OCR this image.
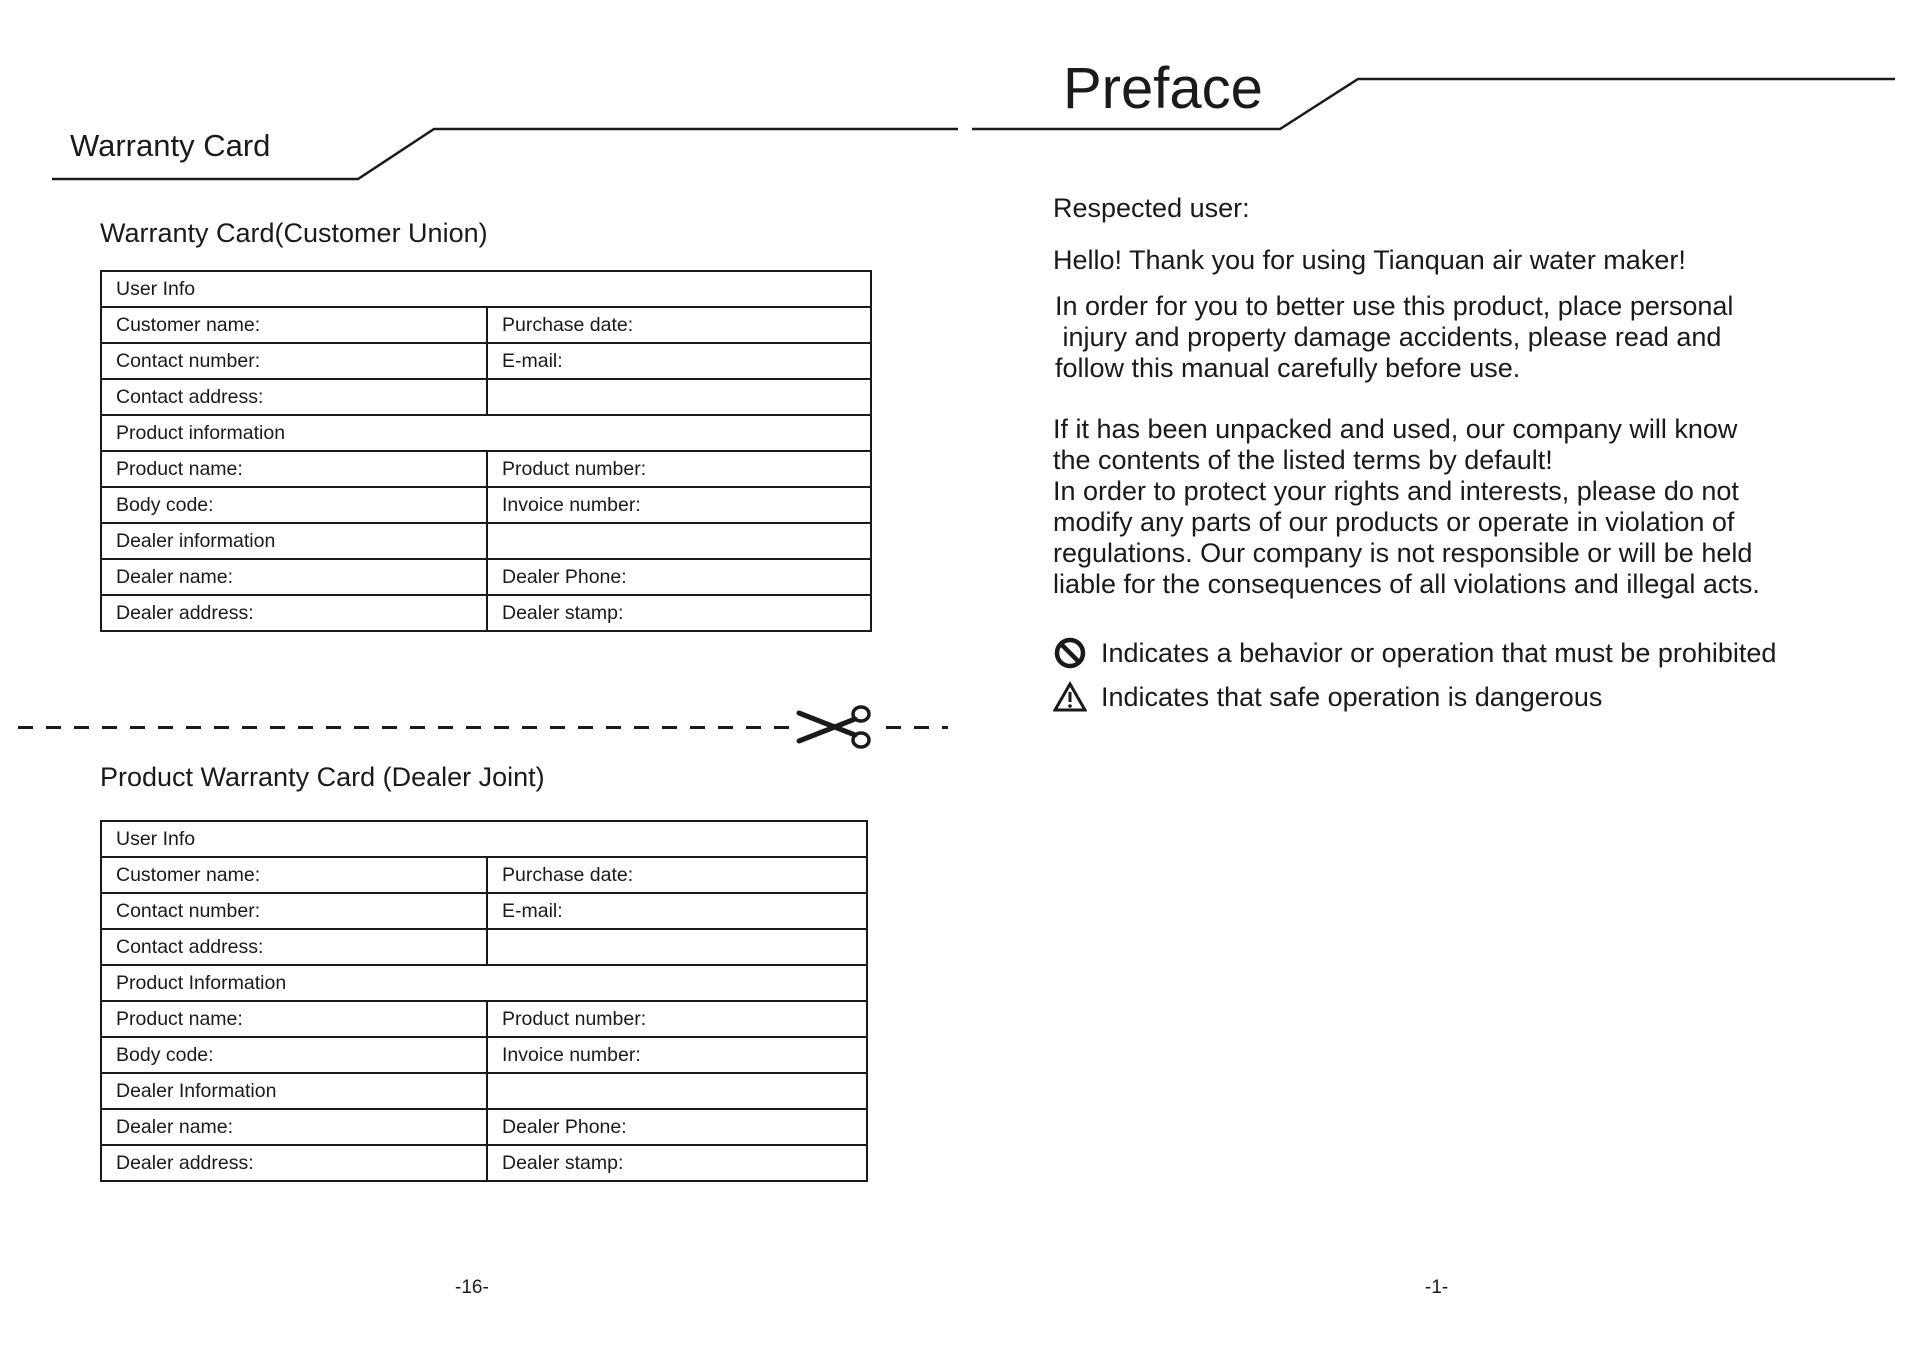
Warranty Card
Warranty Card(Customer Union)
User Info	
Customer name:	Purchase date:
Contact number:	E-mail:
Contact address:	
Product information	
Product name:	Product number:
Body code:	Invoice number:
Dealer information	
Dealer name:	Dealer Phone:
Dealer address:	Dealer stamp:
Product Warranty Card (Dealer Joint)
User Info	
Customer name:	Purchase date:
Contact number:	E-mail:
Contact address:	
Product Information	
Product name:	Product number:
Body code:	Invoice number:
Dealer Information	
Dealer name:	Dealer Phone:
Dealer address:	Dealer stamp:
-16-
Preface
Respected user:
Hello! Thank you for using Tianquan air water maker!
In order for you to better use this product, place personal
injury and property damage accidents, please read and
follow this manual carefully before use.
If it has been unpacked and used, our company will know
the contents of the listed terms by default!
In order to protect your rights and interests, please do not
modify any parts of our products or operate in violation of
regulations. Our company is not responsible or will be held
liable for the consequences of all violations and illegal acts.
Indicates a behavior or operation that must be prohibited
Indicates that safe operation is dangerous
-1-
